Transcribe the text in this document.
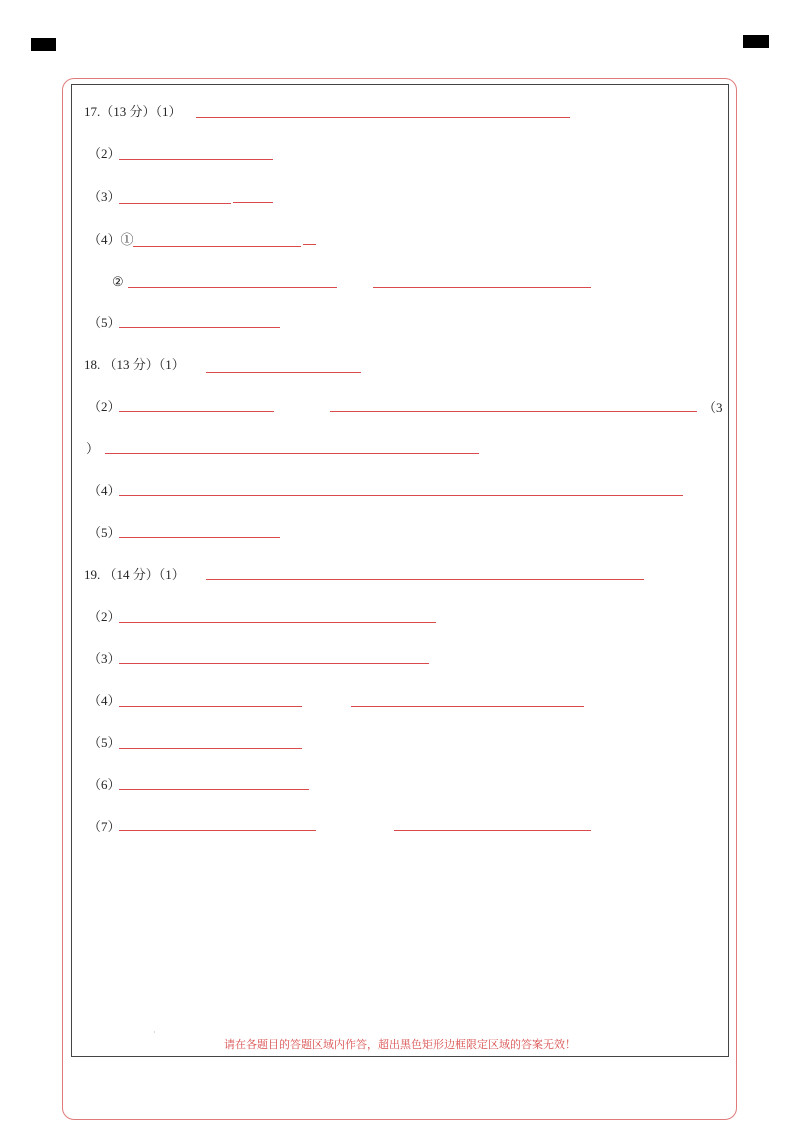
17.（13 分）（1）
（2）
（3）
（4）①
②
（5）
18. （13 分）（1）
（2）	（3
）
（4）
（5）
19. （14 分）（1）
（2）
（3）
（4）
（5）
（6）
（7）
·
请在各题目的答题区域内作答，超出黑色矩形边框限定区域的答案无效！
